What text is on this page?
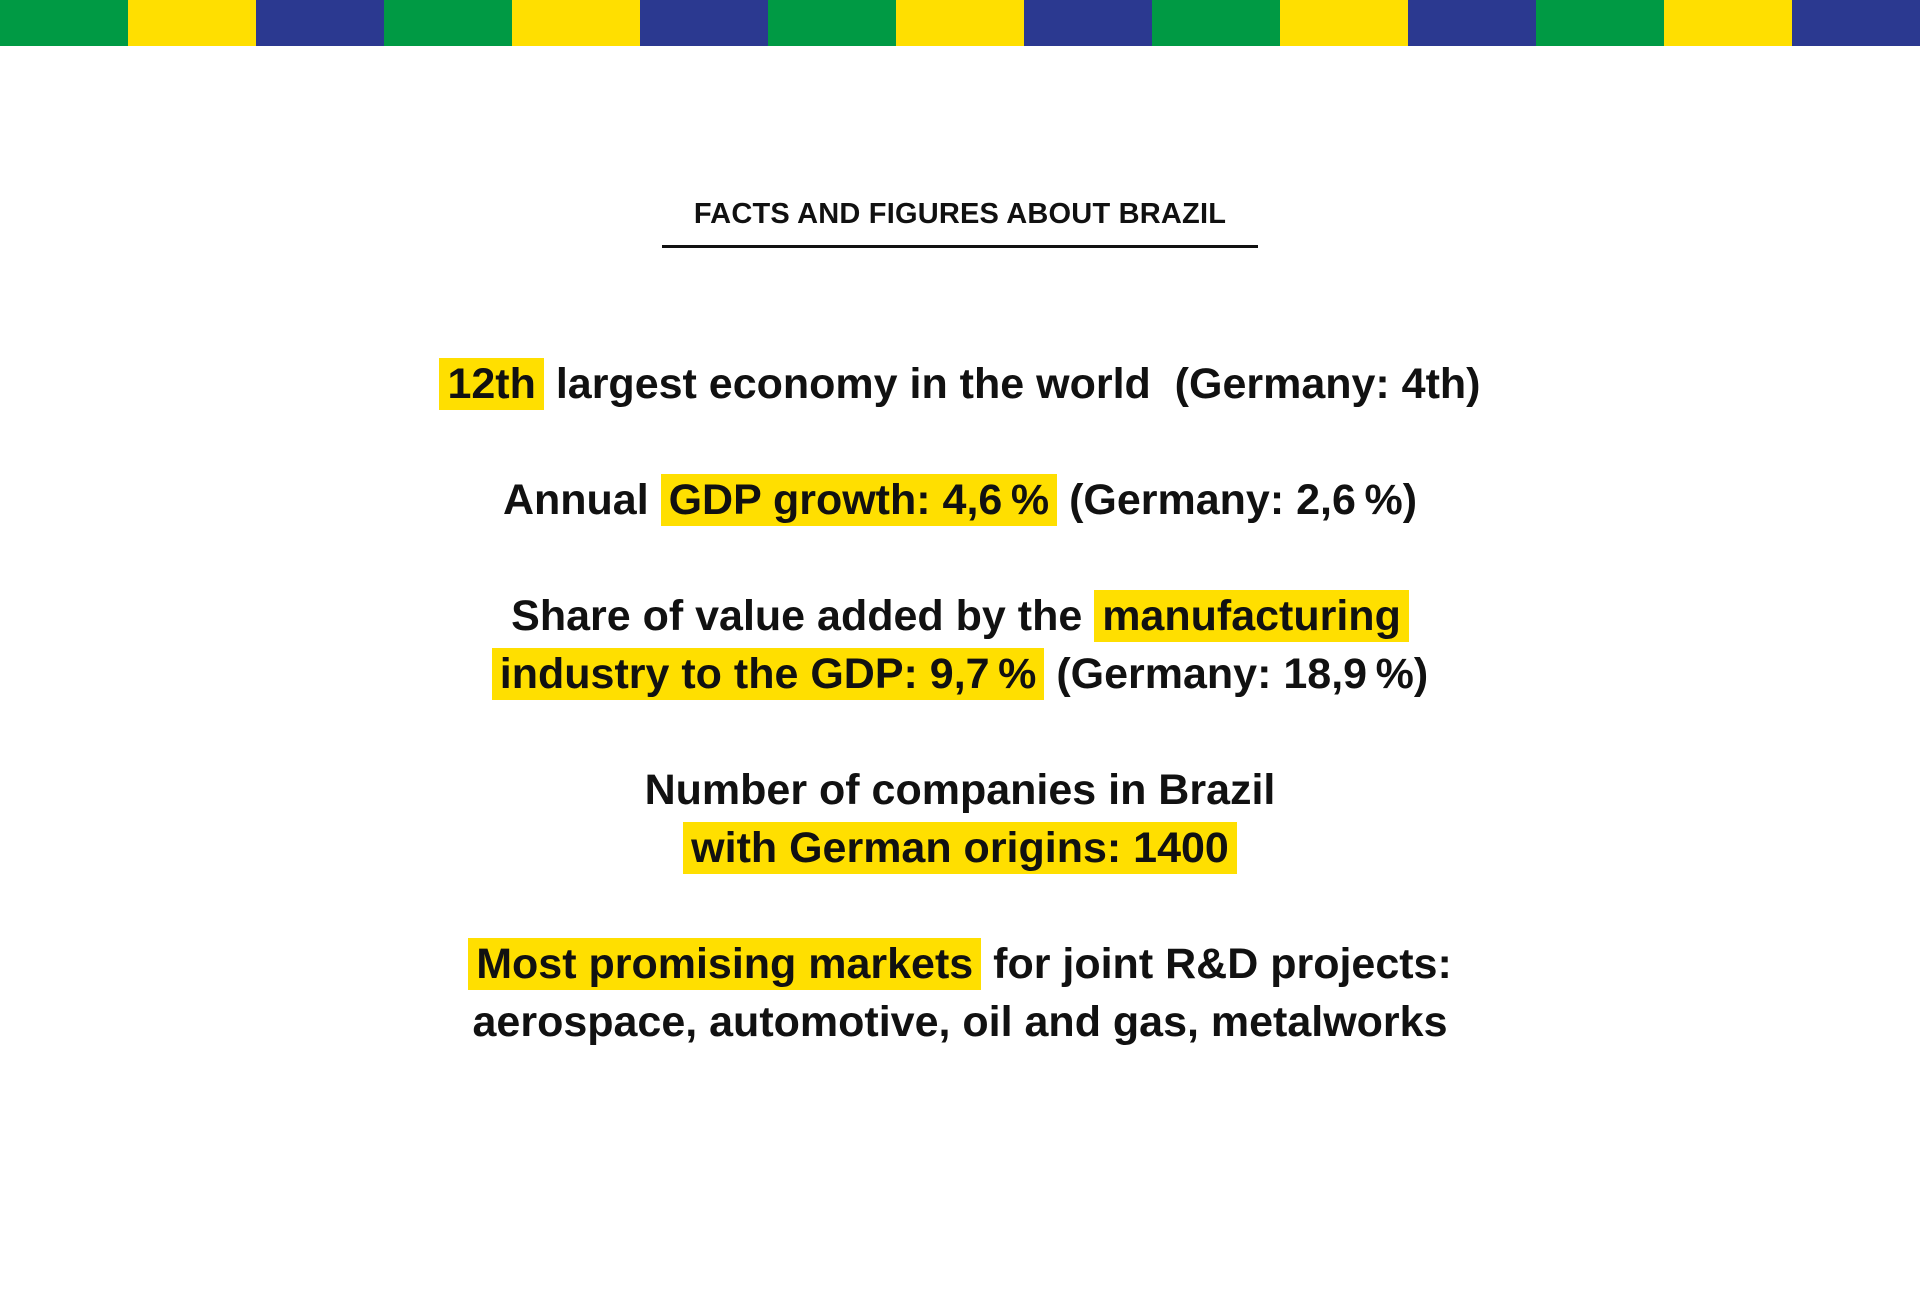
FACTS AND FIGURES ABOUT BRAZIL
12th largest economy in the world  (Germany: 4th)
Annual GDP growth: 4,6 % (Germany: 2,6 %)
Share of value added by the manufacturing
industry to the GDP: 9,7 % (Germany: 18,9 %)
Number of companies in Brazil
with German origins: 1400
Most promising markets for joint R&D projects:
aerospace, automotive, oil and gas, metalworks
